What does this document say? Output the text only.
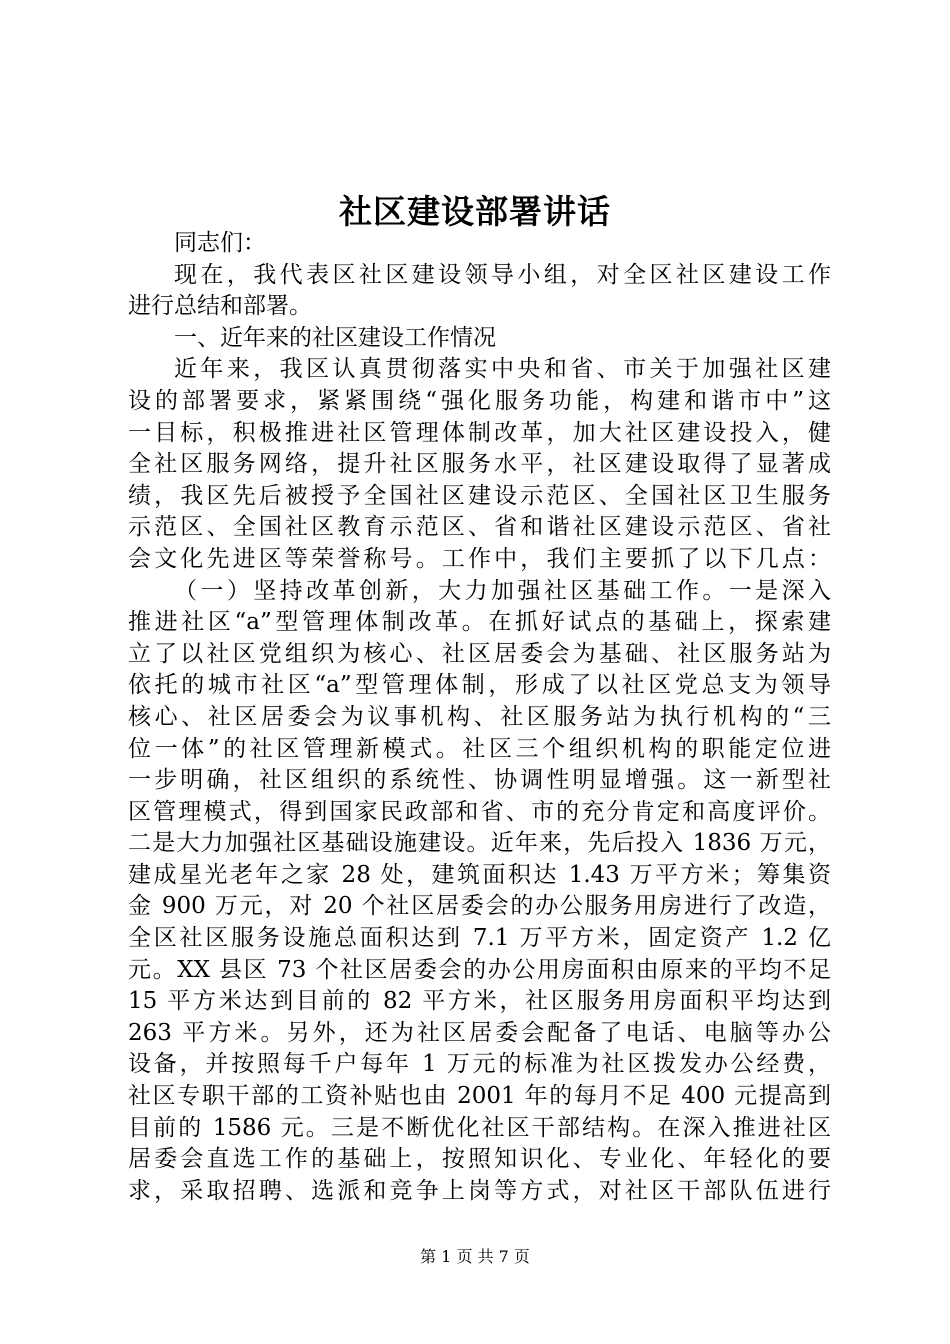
社区建设部署讲话
同志们：
现在，我代表区社区建设领导小组，对全区社区建设工作
进行总结和部署。
一、近年来的社区建设工作情况
近年来，我区认真贯彻落实中央和省、市关于加强社区建
设的部署要求，紧紧围绕“强化服务功能，构建和谐市中”这
一目标，积极推进社区管理体制改革，加大社区建设投入，健
全社区服务网络，提升社区服务水平，社区建设取得了显著成
绩，我区先后被授予全国社区建设示范区、全国社区卫生服务
示范区、全国社区教育示范区、省和谐社区建设示范区、省社
会文化先进区等荣誉称号。工作中，我们主要抓了以下几点：
（一）坚持改革创新，大力加强社区基础工作。一是深入
推进社区“a”型管理体制改革。在抓好试点的基础上，探索建
立了以社区党组织为核心、社区居委会为基础、社区服务站为
依托的城市社区“a”型管理体制，形成了以社区党总支为领导
核心、社区居委会为议事机构、社区服务站为执行机构的“三
位一体”的社区管理新模式。社区三个组织机构的职能定位进
一步明确，社区组织的系统性、协调性明显增强。这一新型社
区管理模式，得到国家民政部和省、市的充分肯定和高度评价。
二是大力加强社区基础设施建设。近年来，先后投入 1836 万元，
建成星光老年之家 28 处，建筑面积达 1.43 万平方米；筹集资
金 900 万元，对 20 个社区居委会的办公服务用房进行了改造，
全区社区服务设施总面积达到 7.1 万平方米，固定资产 1.2 亿
元。XX 县区 73 个社区居委会的办公用房面积由原来的平均不足
15 平方米达到目前的 82 平方米，社区服务用房面积平均达到
263 平方米。另外，还为社区居委会配备了电话、电脑等办公
设备，并按照每千户每年 1 万元的标准为社区拨发办公经费，
社区专职干部的工资补贴也由 2001 年的每月不足 400 元提高到
目前的 1586 元。三是不断优化社区干部结构。在深入推进社区
居委会直选工作的基础上，按照知识化、专业化、年轻化的要
求，采取招聘、选派和竞争上岗等方式，对社区干部队伍进行
第 1 页 共 7 页
